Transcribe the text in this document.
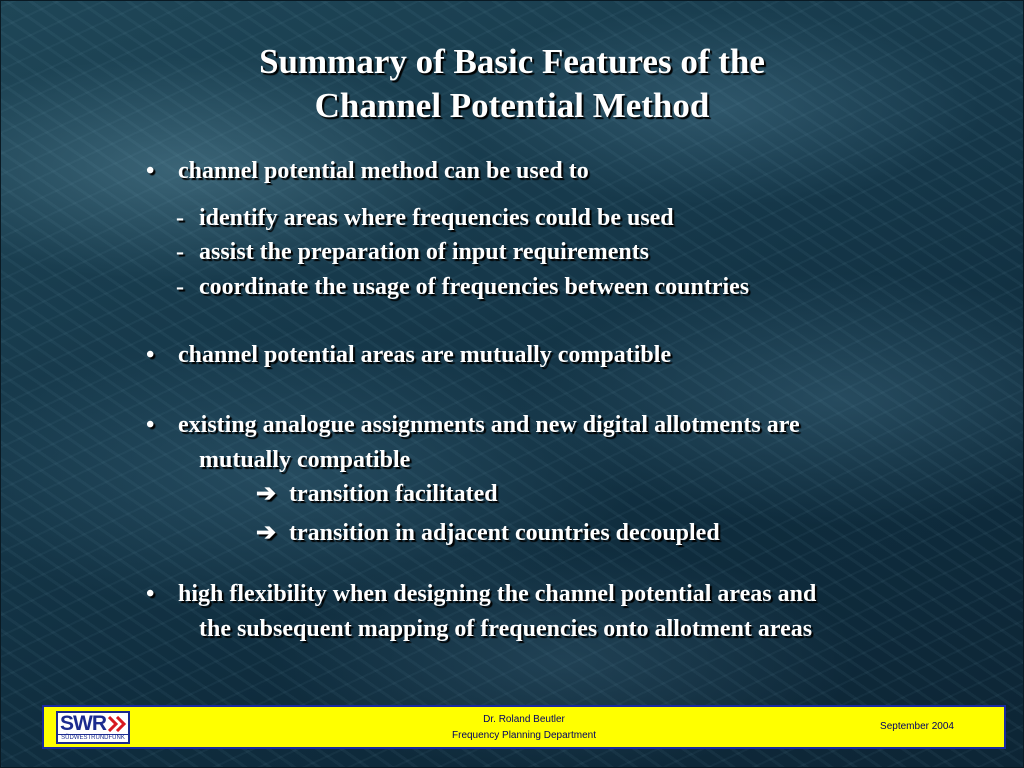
Summary of Basic Features of the
Channel Potential Method
• channel potential method can be used to
- identify areas where frequencies could be used
- assist the preparation of input requirements
- coordinate the usage of frequencies between countries
• channel potential areas are mutually compatible
• existing analogue assignments and new digital allotments are
mutually compatible
➔ transition facilitated
➔ transition in adjacent countries decoupled
• high flexibility when designing the channel potential areas and
the subsequent mapping of frequencies onto allotment areas
SWR
SÜDWESTRUNDFUNK
Dr. Roland Beutler
Frequency Planning Department
September 2004
